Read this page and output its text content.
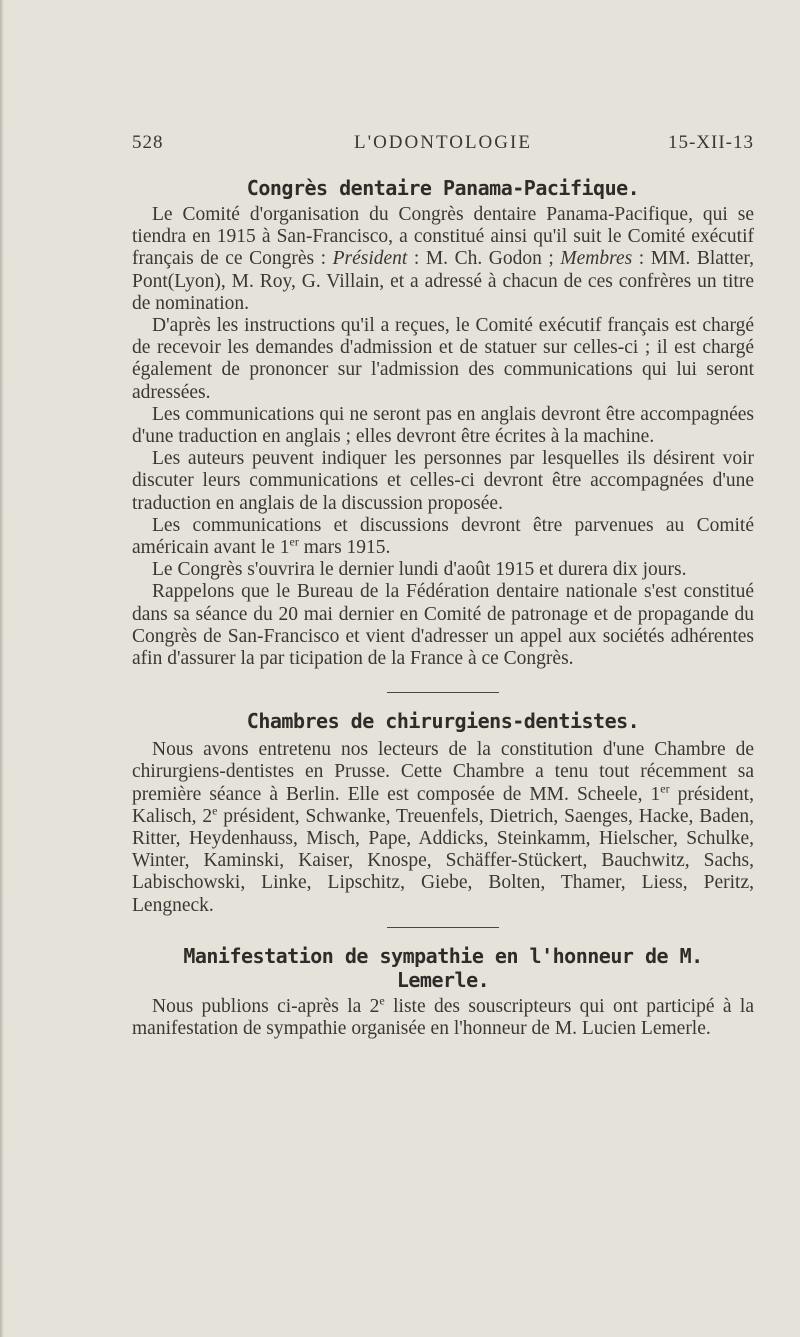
528	L'ODONTOLOGIE	15-XII-13
Congrès dentaire Panama-Pacifique.

Le Comité d'organisation du Congrès dentaire Panama-Pacifique, qui se tiendra en 1915 à San-Francisco, a constitué ainsi qu'il suit le Comité exécutif français de ce Congrès : Président : M. Ch. Godon ; Membres : MM. Blatter, Pont(Lyon), M. Roy, G. Villain, et a adressé à chacun de ces confrères un titre de nomination.

D'après les instructions qu'il a reçues, le Comité exécutif français est chargé de recevoir les demandes d'admission et de statuer sur celles-ci ; il est chargé également de prononcer sur l'admission des communications qui lui seront adressées.

Les communications qui ne seront pas en anglais devront être accompagnées d'une traduction en anglais ; elles devront être écrites à la machine.

Les auteurs peuvent indiquer les personnes par lesquelles ils désirent voir discuter leurs communications et celles-ci devront être accompagnées d'une traduction en anglais de la discussion proposée.

Les communications et discussions devront être parvenues au Comité américain avant le 1er mars 1915.

Le Congrès s'ouvrira le dernier lundi d'août 1915 et durera dix jours.

Rappelons que le Bureau de la Fédération dentaire nationale s'est constitué dans sa séance du 20 mai dernier en Comité de patronage et de propagande du Congrès de San-Francisco et vient d'adresser un appel aux sociétés adhérentes afin d'assurer la par ticipation de la France à ce Congrès.

Chambres de chirurgiens-dentistes.

Nous avons entretenu nos lecteurs de la constitution d'une Chambre de chirurgiens-dentistes en Prusse. Cette Chambre a tenu tout récemment sa première séance à Berlin. Elle est composée de MM. Scheele, 1er président, Kalisch, 2e président, Schwanke, Treuenfels, Dietrich, Saenges, Hacke, Baden, Ritter, Heydenhauss, Misch, Pape, Addicks, Steinkamm, Hielscher, Schulke, Winter, Kaminski, Kaiser, Knospe, Schäffer-Stückert, Bauchwitz, Sachs, Labischowski, Linke, Lipschitz, Giebe, Bolten, Thamer, Liess, Peritz, Lengneck.

Manifestation de sympathie en l'honneur de M. Lemerle.

Nous publions ci-après la 2e liste des souscripteurs qui ont participé à la manifestation de sympathie organisée en l'honneur de M. Lucien Lemerle.
